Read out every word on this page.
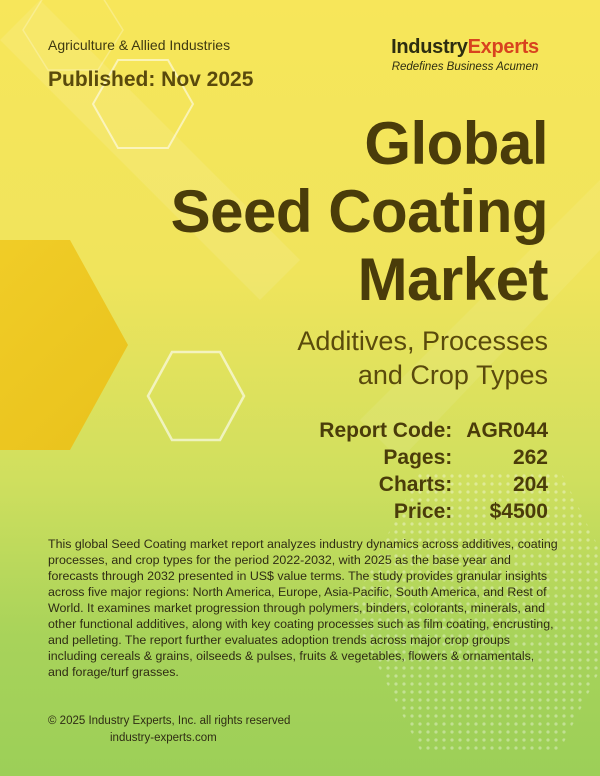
Agriculture & Allied Industries
Published: Nov 2025
IndustryExperts
Redefines Business Acumen
Global
Seed Coating
Market
Additives, Processes
and Crop Types
Report Code:	AGR044
Pages:	262
Charts:	204
Price:	$4500
This global Seed Coating market report analyzes industry dynamics across additives, coating processes, and crop types for the period 2022-2032, with 2025 as the base year and forecasts through 2032 presented in US$ value terms. The study provides granular insights across five major regions: North America, Europe, Asia-Pacific, South America, and Rest of World. It examines market progression through polymers, binders, colorants, minerals, and other functional additives, along with key coating processes such as film coating, encrusting, and pelleting. The report further evaluates adoption trends across major crop groups including cereals & grains, oilseeds & pulses, fruits & vegetables, flowers & ornamentals, and forage/turf grasses.
© 2025 Industry Experts, Inc. all rights reserved
industry-experts.com
